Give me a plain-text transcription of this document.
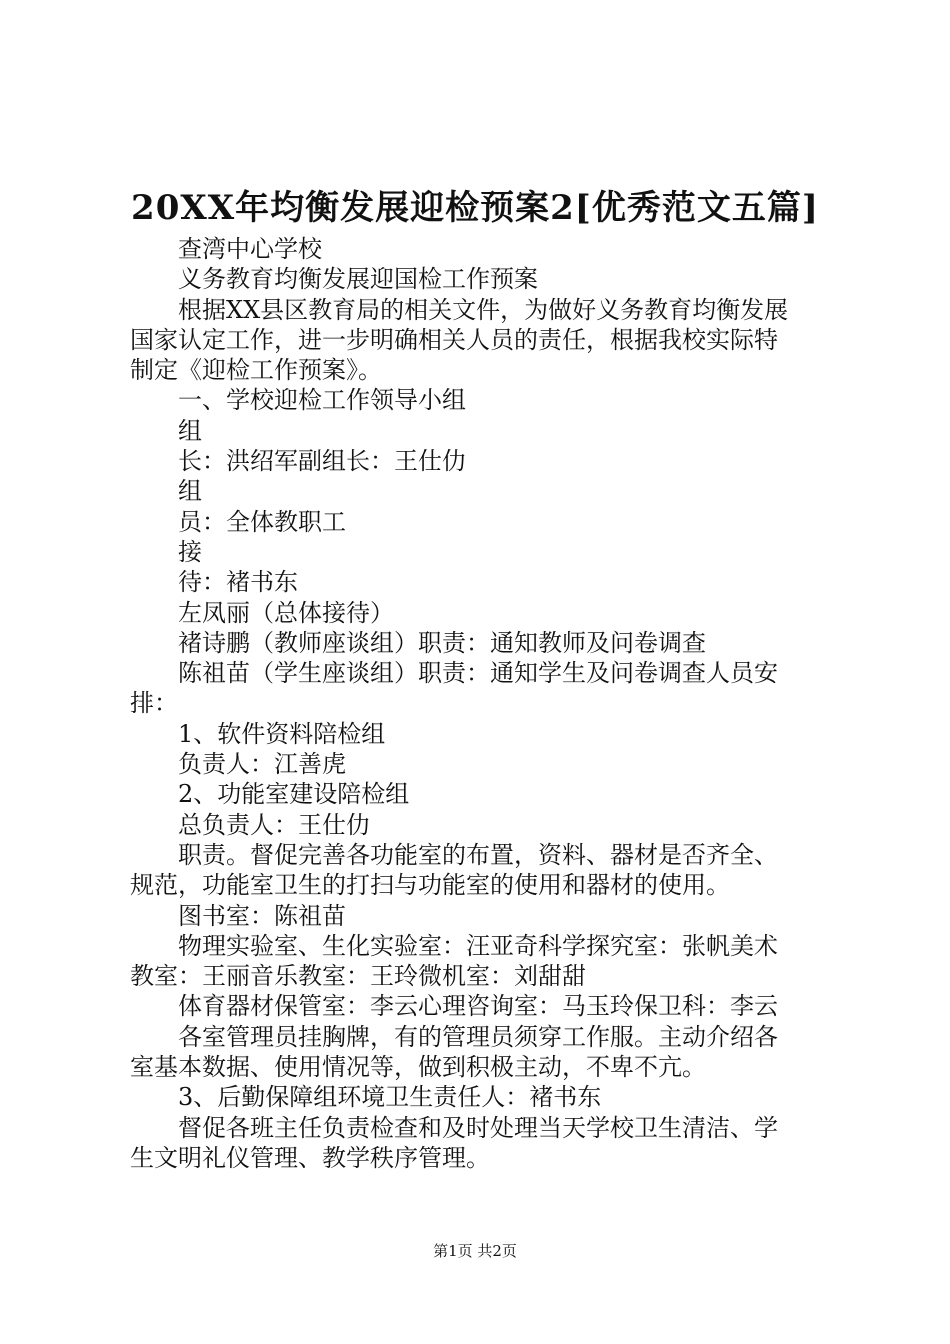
20XX年均衡发展迎检预案2[优秀范文五篇]

查湾中心学校

义务教育均衡发展迎国检工作预案

根据XX县区教育局的相关文件，为做好义务教育均衡发展

国家认定工作，进一步明确相关人员的责任，根据我校实际特

制定《迎检工作预案》。

一、学校迎检工作领导小组

组

长：洪绍军副组长：王仕仂

组

员：全体教职工

接

待：褚书东

左凤丽（总体接待）

褚诗鹏（教师座谈组）职责：通知教师及问卷调查

陈祖苗（学生座谈组）职责：通知学生及问卷调查人员安

排：

1、软件资料陪检组

负责人：江善虎

2、功能室建设陪检组

总负责人：王仕仂

职责。督促完善各功能室的布置，资料、器材是否齐全、

规范，功能室卫生的打扫与功能室的使用和器材的使用。

图书室：陈祖苗

物理实验室、生化实验室：汪亚奇科学探究室：张帆美术

教室：王丽音乐教室：王玲微机室：刘甜甜

体育器材保管室：李云心理咨询室：马玉玲保卫科：李云

各室管理员挂胸牌，有的管理员须穿工作服。主动介绍各

室基本数据、使用情况等，做到积极主动，不卑不亢。

3、后勤保障组环境卫生责任人：褚书东

督促各班主任负责检查和及时处理当天学校卫生清洁、学

生文明礼仪管理、教学秩序管理。

第1页 共2页
